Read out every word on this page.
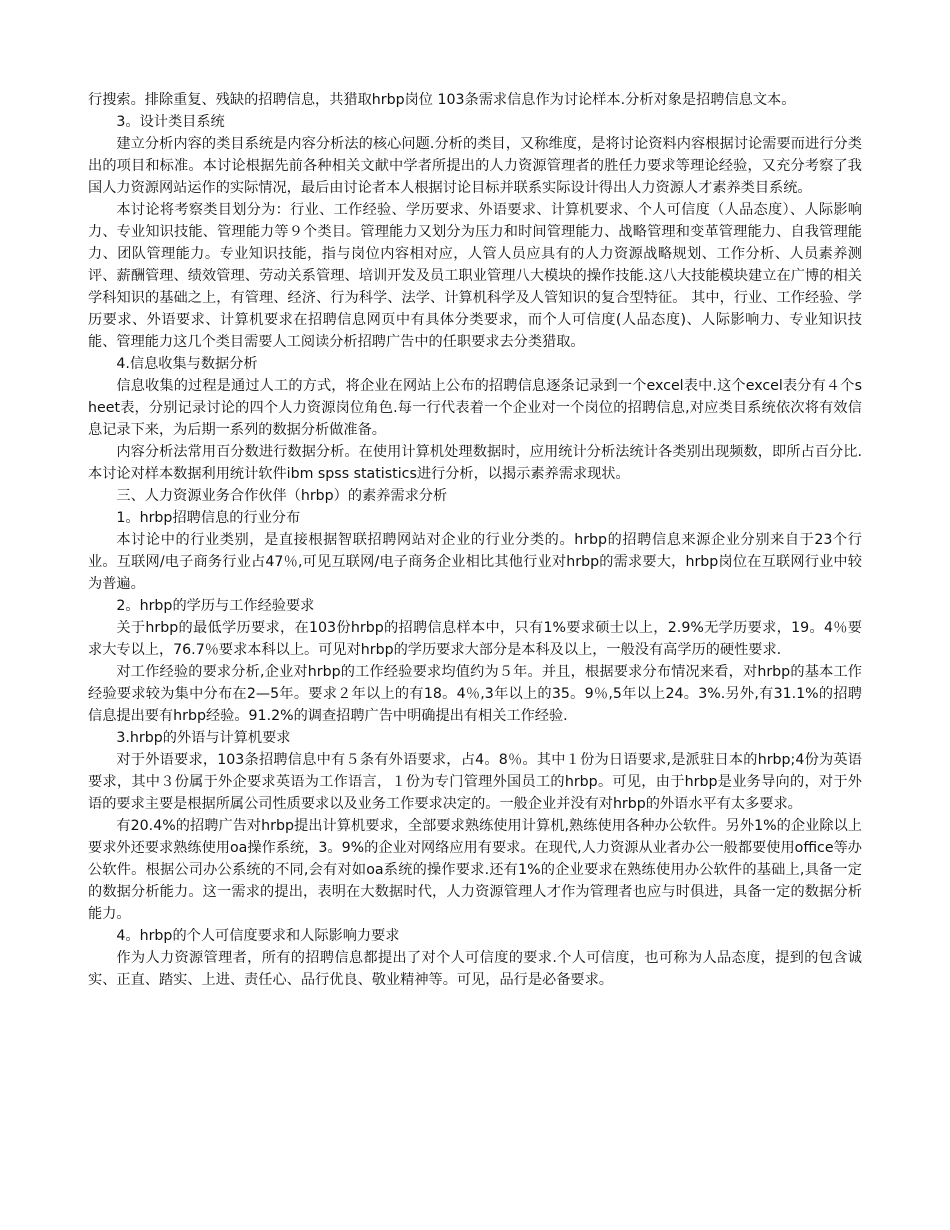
行搜索。排除重复、残缺的招聘信息，共猎取hrbp岗位 103条需求信息作为讨论样本.分析对象是招聘信息文本。

3。设计类目系统

建立分析内容的类目系统是内容分析法的核心问题.分析的类目，又称维度，是将讨论资料内容根据讨论需要而进行分类出的项目和标准。本讨论根据先前各种相关文献中学者所提出的人力资源管理者的胜任力要求等理论经验，又充分考察了我国人力资源网站运作的实际情况，最后由讨论者本人根据讨论目标并联系实际设计得出人力资源人才素养类目系统。

本讨论将考察类目划分为：行业、工作经验、学历要求、外语要求、计算机要求、个人可信度（人品态度）、人际影响力、专业知识技能、管理能力等９个类目。管理能力又划分为压力和时间管理能力、战略管理和变革管理能力、自我管理能力、团队管理能力。专业知识技能，指与岗位内容相对应，人管人员应具有的人力资源战略规划、工作分析、人员素养测评、薪酬管理、绩效管理、劳动关系管理、培训开发及员工职业管理八大模块的操作技能.这八大技能模块建立在广博的相关学科知识的基础之上，有管理、经济、行为科学、法学、计算机科学及人管知识的复合型特征。 其中，行业、工作经验、学历要求、外语要求、计算机要求在招聘信息网页中有具体分类要求，而个人可信度(人品态度)、人际影响力、专业知识技能、管理能力这几个类目需要人工阅读分析招聘广告中的任职要求去分类猎取。

4.信息收集与数据分析

信息收集的过程是通过人工的方式，将企业在网站上公布的招聘信息逐条记录到一个excel表中.这个excel表分有４个sheet表，分别记录讨论的四个人力资源岗位角色.每一行代表着一个企业对一个岗位的招聘信息,对应类目系统依次将有效信息记录下来，为后期一系列的数据分析做准备。

内容分析法常用百分数进行数据分析。在使用计算机处理数据时，应用统计分析法统计各类别出现频数，即所占百分比.本讨论对样本数据利用统计软件ibm spss statistics进行分析，以揭示素养需求现状。

三、人力资源业务合作伙伴（hrbp）的素养需求分析

1。hrbp招聘信息的行业分布

本讨论中的行业类别，是直接根据智联招聘网站对企业的行业分类的。hrbp的招聘信息来源企业分别来自于23个行业。互联网/电子商务行业占47％,可见互联网/电子商务企业相比其他行业对hrbp的需求要大，hrbp岗位在互联网行业中较为普遍。

2。hrbp的学历与工作经验要求

关于hrbp的最低学历要求，在103份hrbp的招聘信息样本中，只有1%要求硕士以上，2.9%无学历要求，19。4％要求大专以上，76.7％要求本科以上。可见对hrbp的学历要求大部分是本科及以上，一般没有高学历的硬性要求.

对工作经验的要求分析,企业对hrbp的工作经验要求均值约为５年。并且，根据要求分布情况来看，对hrbp的基本工作经验要求较为集中分布在2—5年。要求２年以上的有18。4％,3年以上的35。9％,5年以上24。3%.另外,有31.1%的招聘信息提出要有hrbp经验。91.2%的调查招聘广告中明确提出有相关工作经验.

3.hrbp的外语与计算机要求

对于外语要求，103条招聘信息中有５条有外语要求，占4。8％。其中１份为日语要求,是派驻日本的hrbp;4份为英语要求，其中３份属于外企要求英语为工作语言，１份为专门管理外国员工的hrbp。可见，由于hrbp是业务导向的，对于外语的要求主要是根据所属公司性质要求以及业务工作要求决定的。一般企业并没有对hrbp的外语水平有太多要求。

有20.4%的招聘广告对hrbp提出计算机要求，全部要求熟练使用计算机,熟练使用各种办公软件。另外1%的企业除以上要求外还要求熟练使用oa操作系统，3。9%的企业对网络应用有要求。在现代,人力资源从业者办公一般都要使用office等办公软件。根据公司办公系统的不同,会有对如oa系统的操作要求.还有1%的企业要求在熟练使用办公软件的基础上,具备一定的数据分析能力。这一需求的提出，表明在大数据时代，人力资源管理人才作为管理者也应与时俱进，具备一定的数据分析能力。

4。hrbp的个人可信度要求和人际影响力要求

作为人力资源管理者，所有的招聘信息都提出了对个人可信度的要求.个人可信度，也可称为人品态度，提到的包含诚实、正直、踏实、上进、责任心、品行优良、敬业精神等。可见，品行是必备要求。
